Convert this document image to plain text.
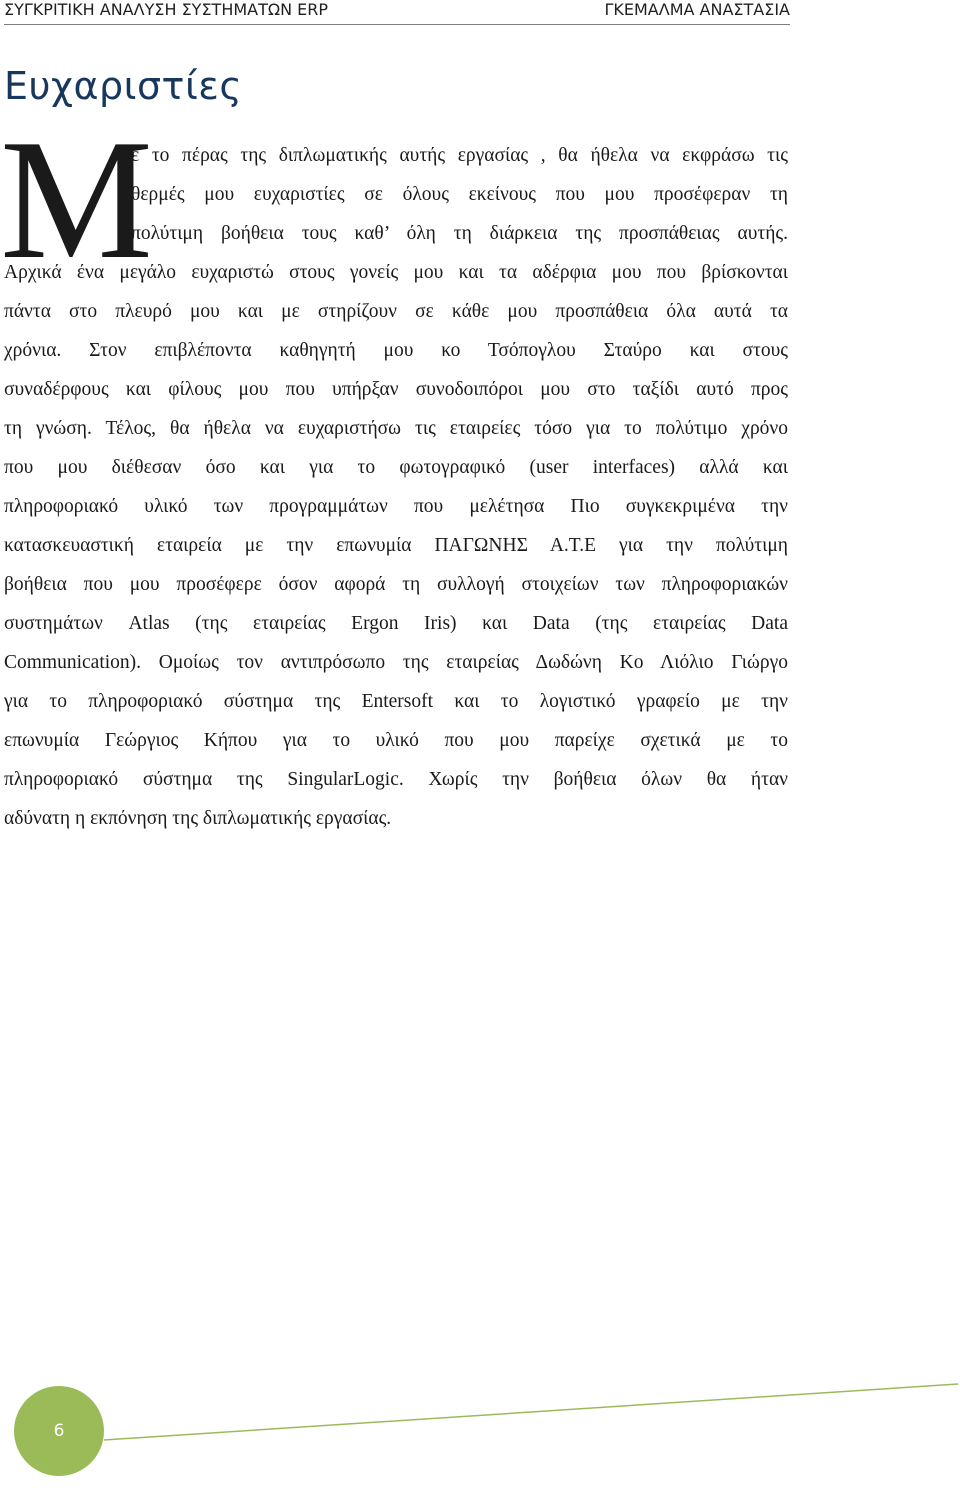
ΣΥΓΚΡΙΤΙΚΗ ΑΝΑΛΥΣΗ ΣΥΣΤΗΜΑΤΩΝ ERP	ΓΚΕΜΑΛΜΑ ΑΝΑΣΤΑΣΙΑ
Ευχαριστίες
Μ
ε το πέρας της διπλωματικής αυτής εργασίας , θα ήθελα να εκφράσω τις
θερμές μου ευχαριστίες σε όλους εκείνους που μου προσέφεραν τη
πολύτιμη βοήθεια τους καθ’ όλη τη διάρκεια της προσπάθειας αυτής.
Αρχικά ένα μεγάλο ευχαριστώ στους γονείς μου και τα αδέρφια μου που βρίσκονται
πάντα στο πλευρό μου και με στηρίζουν σε κάθε μου προσπάθεια όλα αυτά τα
χρόνια. Στον επιβλέποντα καθηγητή μου κο Τσόπογλου Σταύρο και στους
συναδέρφους και φίλους μου που υπήρξαν συνοδοιπόροι μου στο ταξίδι αυτό προς
τη γνώση. Τέλος, θα ήθελα να ευχαριστήσω τις εταιρείες τόσο για το πολύτιμο χρόνο
που μου διέθεσαν όσο και για το φωτογραφικό (user interfaces) αλλά και
πληροφοριακό υλικό των προγραμμάτων που μελέτησα Πιο συγκεκριμένα την
κατασκευαστική εταιρεία με την επωνυμία ΠΑΓΩΝΗΣ Α.Τ.Ε για την πολύτιμη
βοήθεια που μου προσέφερε όσον αφορά τη συλλογή στοιχείων των πληροφοριακών
συστημάτων Atlas (της εταιρείας Ergon Iris) και Data (της εταιρείας Data
Communication). Ομοίως τον αντιπρόσωπο της εταιρείας Δωδώνη Κο Λιόλιο Γιώργο
για το πληροφοριακό σύστημα της Entersoft και το λογιστικό γραφείο με την
επωνυμία Γεώργιος Κήπου για το υλικό που μου παρείχε σχετικά με το
πληροφοριακό σύστημα της SingularLogic. Χωρίς την βοήθεια όλων θα ήταν
αδύνατη η εκπόνηση της διπλωματικής εργασίας.
6
